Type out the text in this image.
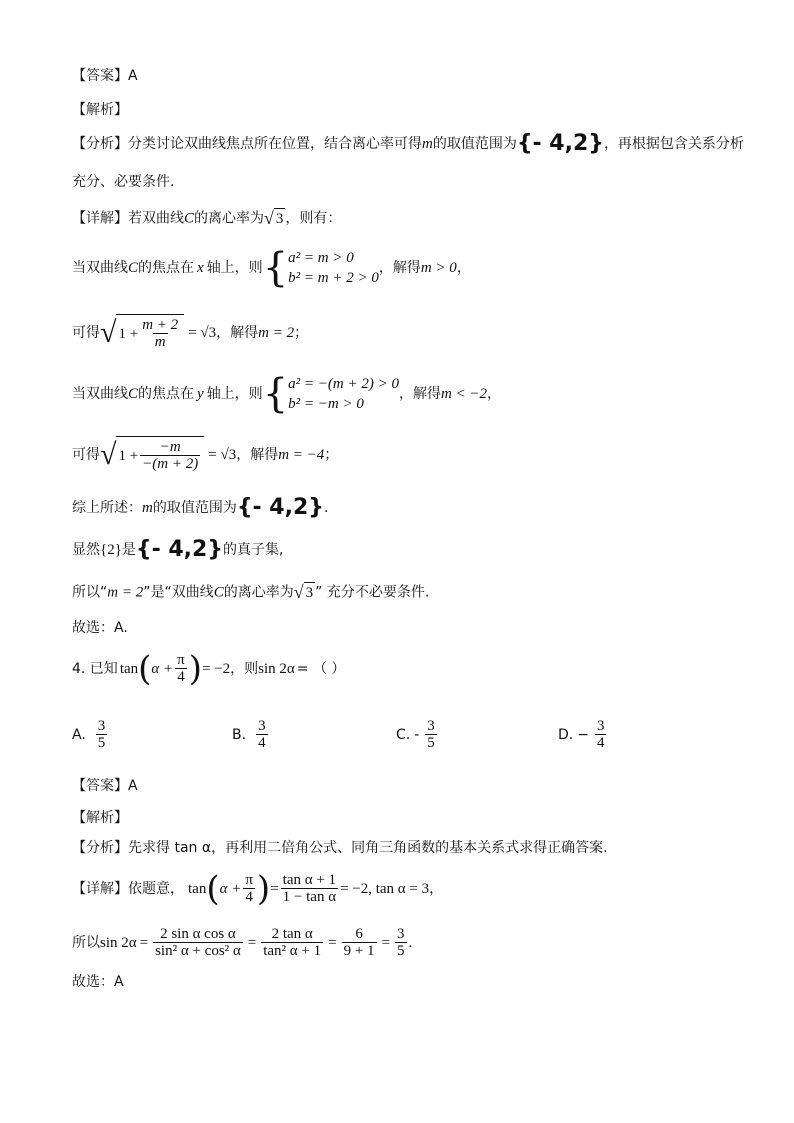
【答案】A
【解析】
【分析】分类讨论双曲线焦点所在位置，结合离心率可得m的取值范围为{- 4,2}，再根据包含关系分析
充分、必要条件.
【详解】若双曲线C的离心率为 √ 3 ，则有：
当双曲线 C 的焦点在 x 轴上，则 { a² = m > 0
b² = m + 2 > 0
，解得 m > 0 ，
可得 √ $1 + \frac{m + 2}{m} = √3$ ，解得 m = 2 ；
当双曲线 C 的焦点在 y 轴上，则 { a² = −(m + 2) > 0
b² = −m > 0
，解得 m < −2 ，
可得 √ $1 + \frac{-m}{-(m + 2)} = √3$ ，解得 m = −4 ；
综上所述：m的取值范围为{- 4,2}.
显然{2}是{- 4,2}的真子集,
所以“m = 2”是“双曲线C的离心率为 √ 3 ” 充分不必要条件.
故选：A.
4. 已知 tan ( $\alpha + \frac{\pi}{4}$ ) = −2 ，则 sin 2α = （ ）
A. $\frac{3}{5}$	B. $\frac{3}{4}$	C. - $\frac{3}{5}$	D. − $\frac{3}{4}$
【答案】A
【解析】
【分析】先求得 tan α，再利用二倍角公式、同角三角函数的基本关系式求得正确答案.
【详解】 依题意， tan ( $\alpha + \frac{\pi}{4}$ ) = $\frac{\text{tan α + 1}}{\text{1 − tan α}} = -2$, tan α = 3 ，
所以 $\sin 2\alpha = \frac{\text{2 sin α cos α}}{\text{sin² α + cos² α}} = \frac{\text{2 tan α}}{\text{tan² α + 1}} = \frac{6}{9 + 1} = \frac{3}{5}$ .
故选：A
